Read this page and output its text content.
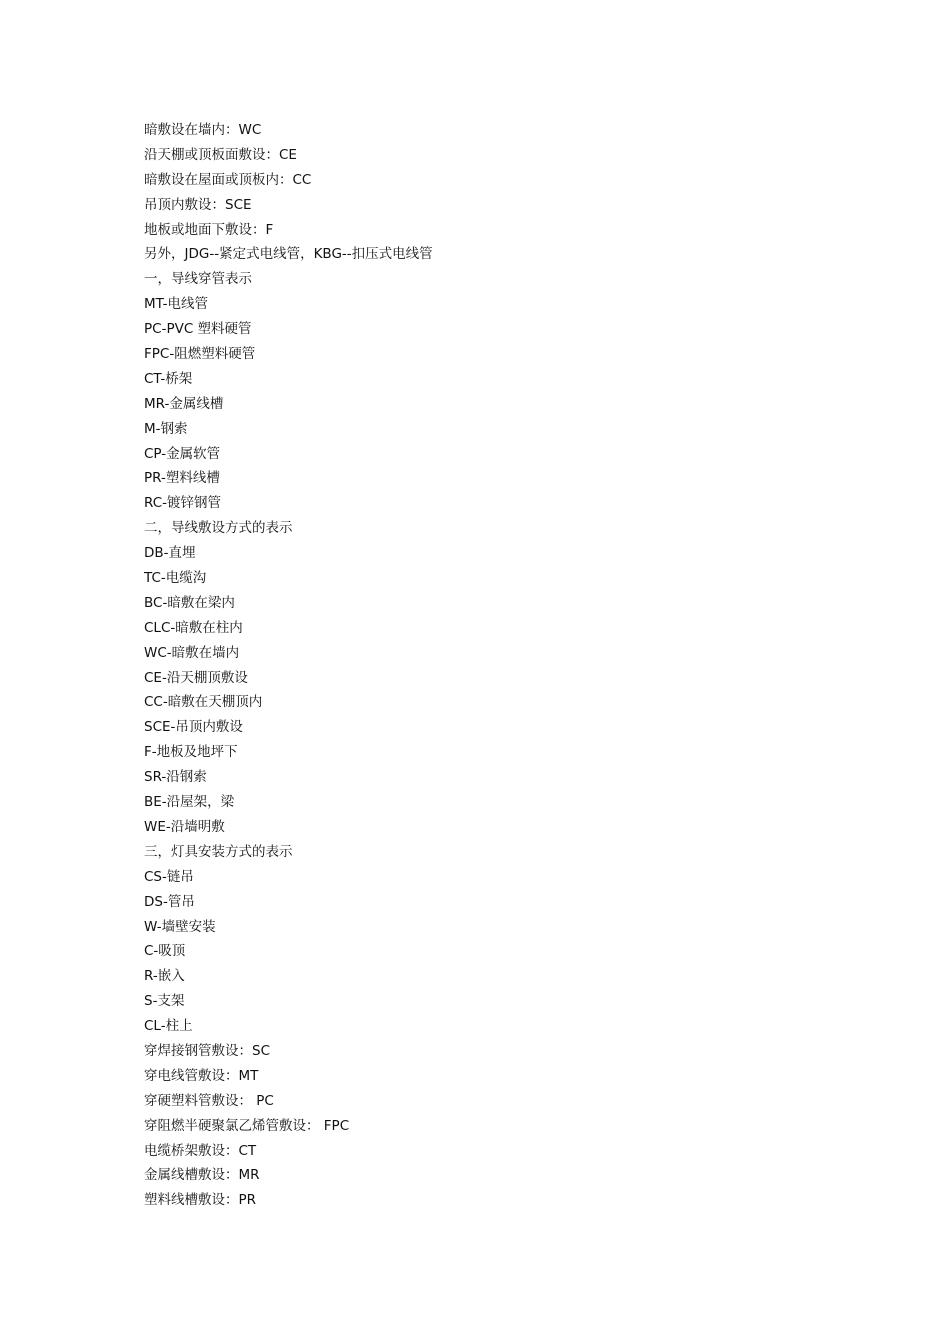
暗敷设在墙内：WC
沿天棚或顶板面敷设：CE
暗敷设在屋面或顶板内：CC
吊顶内敷设：SCE
地板或地面下敷设：F
另外，JDG--紧定式电线管，KBG--扣压式电线管
一，导线穿管表示
MT-电线管
PC-PVC 塑料硬管
FPC-阻燃塑料硬管
CT-桥架
MR-金属线槽
M-钢索
CP-金属软管
PR-塑料线槽
RC-镀锌钢管
二，导线敷设方式的表示
DB-直埋
TC-电缆沟
BC-暗敷在梁内
CLC-暗敷在柱内
WC-暗敷在墙内
CE-沿天棚顶敷设
CC-暗敷在天棚顶内
SCE-吊顶内敷设
F-地板及地坪下
SR-沿钢索
BE-沿屋架，梁
WE-沿墙明敷
三，灯具安装方式的表示
CS-链吊
DS-管吊
W-墙壁安装
C-吸顶
R-嵌入
S-支架
CL-柱上
穿焊接钢管敷设：SC
穿电线管敷设：MT
穿硬塑料管敷设： PC
穿阻燃半硬聚氯乙烯管敷设： FPC
电缆桥架敷设：CT
金属线槽敷设：MR
塑料线槽敷设：PR
